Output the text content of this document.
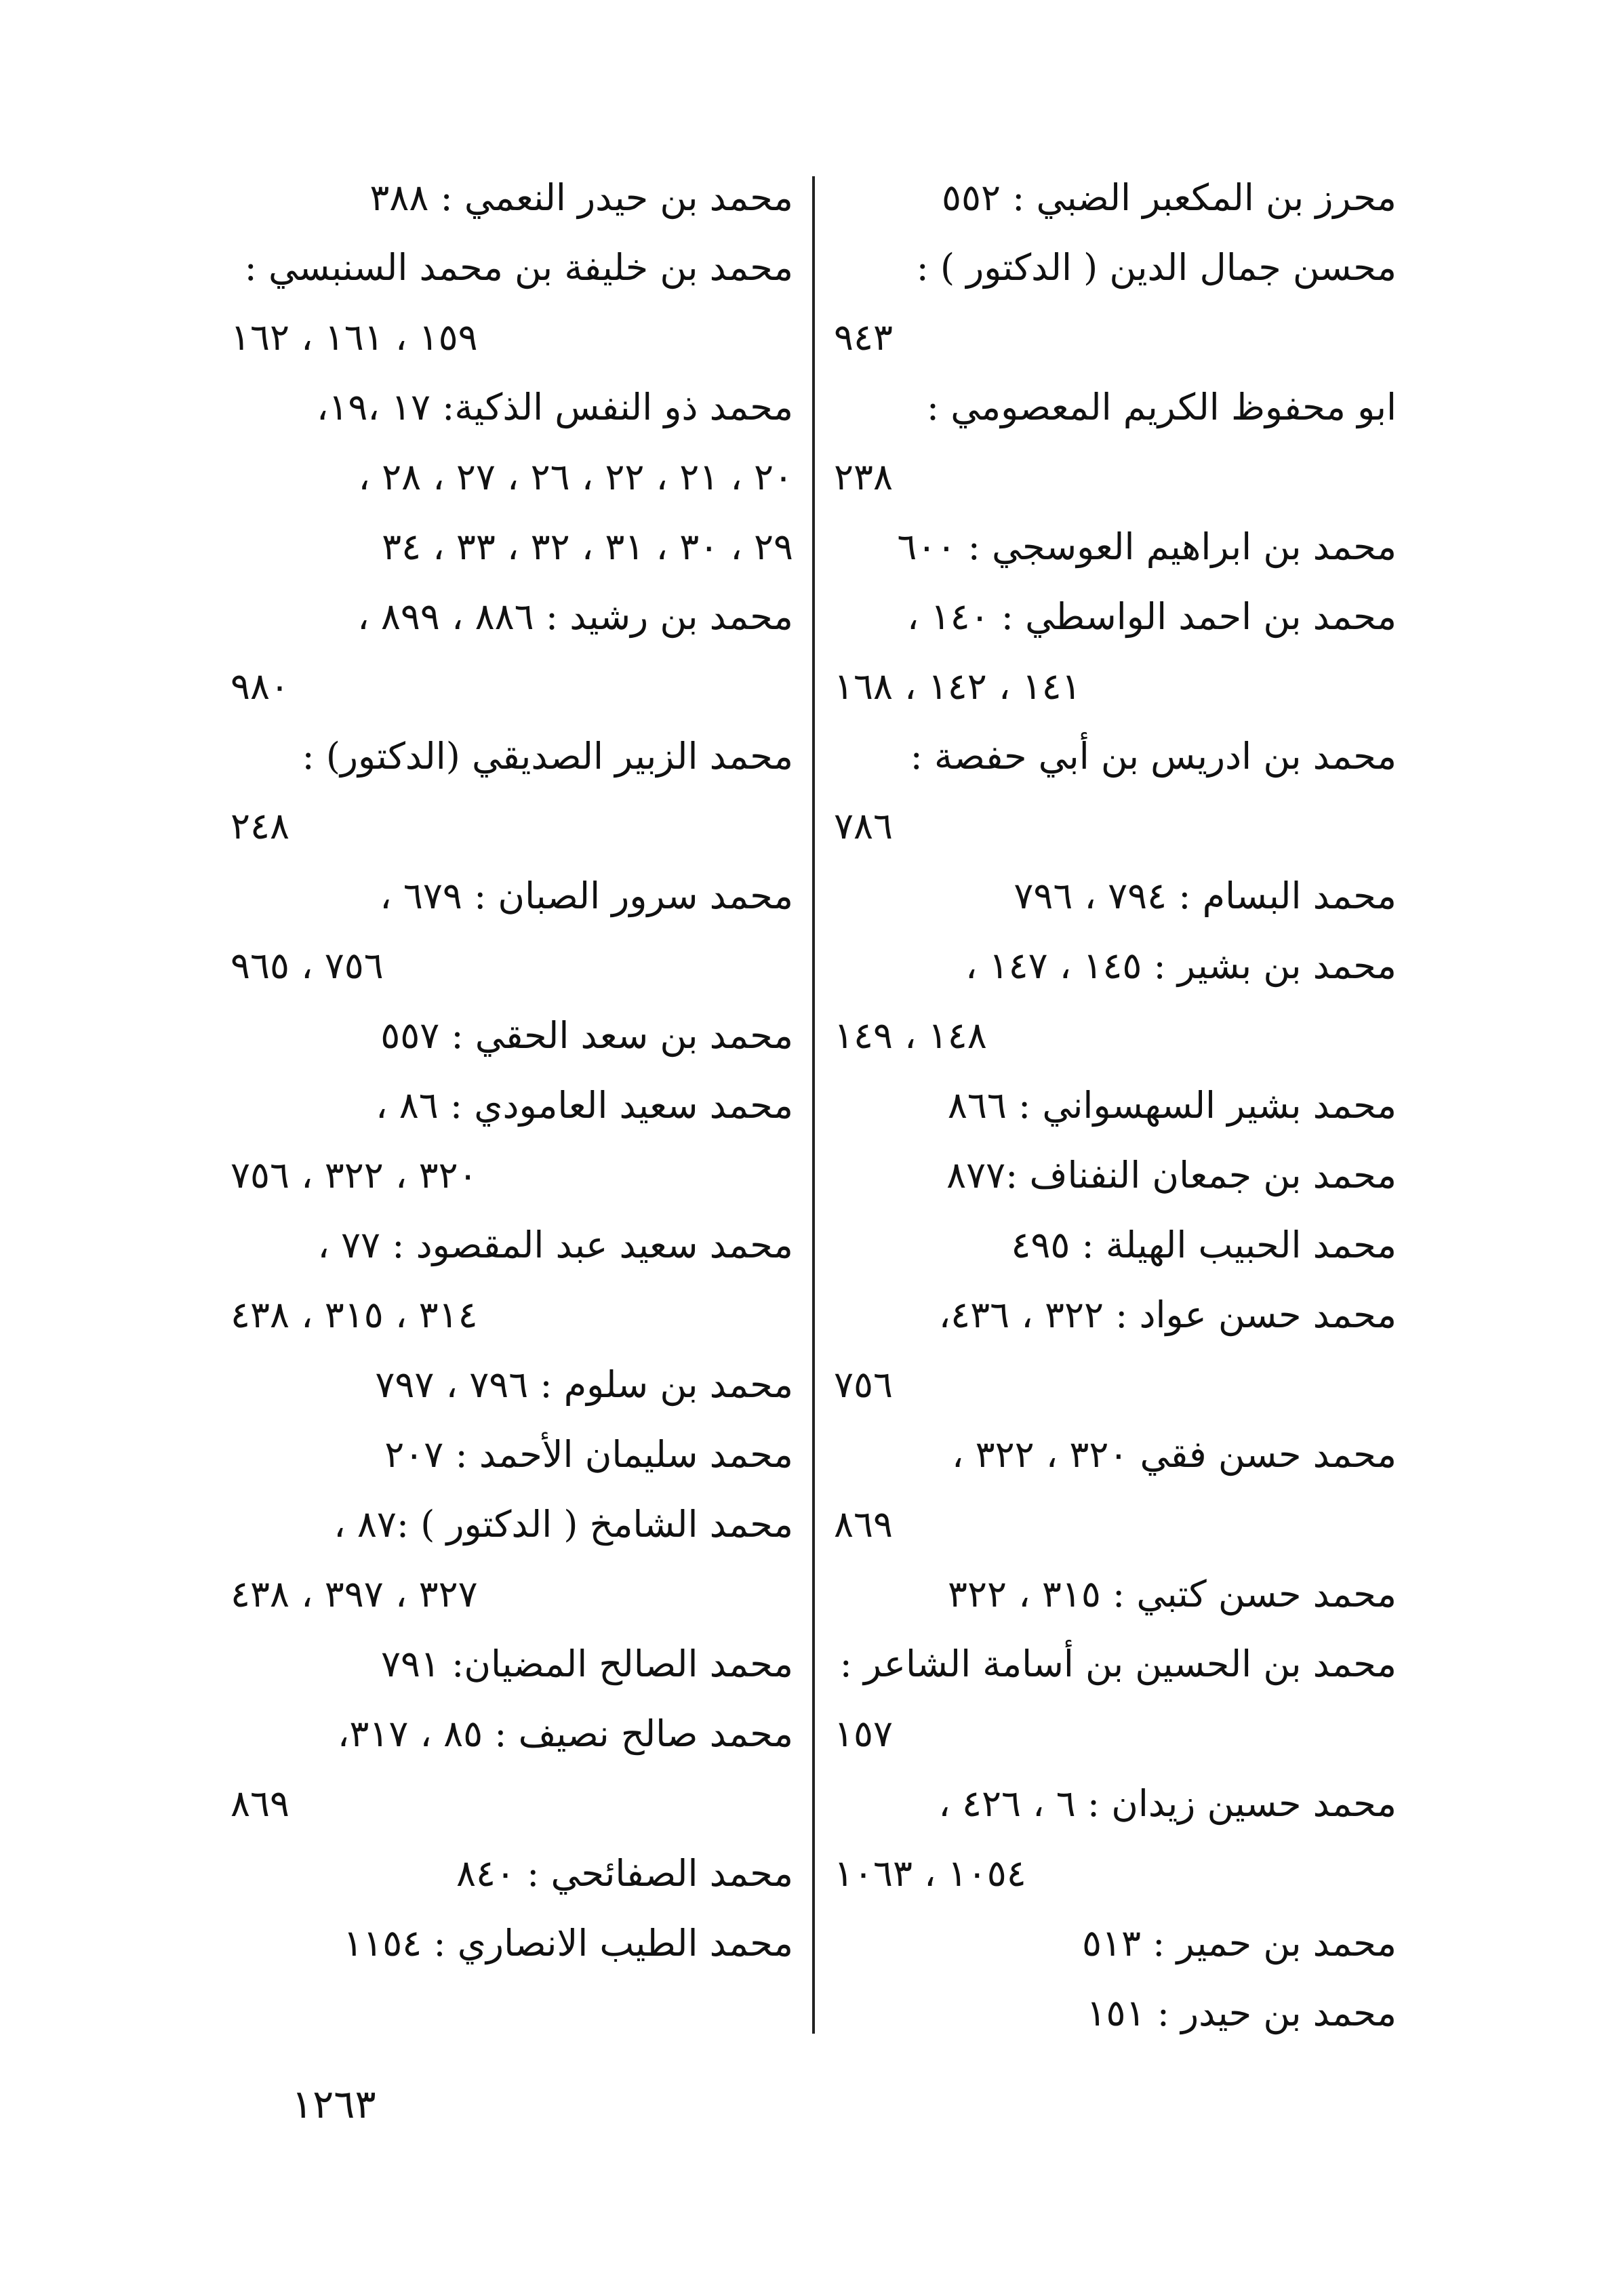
محرز بن المكعبر الضبي : ٥٥٢
محسن جمال الدين ( الدكتور ) :
٩٤٣
ابو محفوظ الكريم المعصومي :
٢٣٨
محمد بن ابراهيم العوسجي : ٦٠٠
محمد بن احمد الواسطي : ١٤٠ ،
١٤١ ، ١٤٢ ، ١٦٨
محمد بن ادريس بن أبي حفصة :
٧٨٦
محمد البسام : ٧٩٤ ، ٧٩٦
محمد بن بشير : ١٤٥ ، ١٤٧ ،
١٤٨ ، ١٤٩
محمد بشير السهسواني : ٨٦٦
محمد بن جمعان النفناف :٨٧٧
محمد الحبيب الهيلة : ٤٩٥
محمد حسن عواد : ٣٢٢ ، ٤٣٦،
٧٥٦
محمد حسن فقي ٣٢٠ ، ٣٢٢ ،
٨٦٩
محمد حسن كتبي : ٣١٥ ، ٣٢٢
محمد بن الحسين بن أسامة الشاعر :
١٥٧
محمد حسين زيدان : ٦ ، ٤٢٦ ،
١٠٥٤ ، ١٠٦٣
محمد بن حمير : ٥١٣
محمد بن حيدر : ١٥١
محمد بن حيدر النعمي : ٣٨٨
محمد بن خليفة بن محمد السنبسي :
١٥٩ ، ١٦١ ، ١٦٢
محمد ذو النفس الذكية: ١٧ ،١٩،
٢٠ ، ٢١ ، ٢٢ ، ٢٦ ، ٢٧ ، ٢٨ ،
٢٩ ، ٣٠ ، ٣١ ، ٣٢ ، ٣٣ ، ٣٤
محمد بن رشيد : ٨٨٦ ، ٨٩٩ ،
٩٨٠
محمد الزبير الصديقي (الدكتور) :
٢٤٨
محمد سرور الصبان : ٦٧٩ ،
٧٥٦ ، ٩٦٥
محمد بن سعد الحقي : ٥٥٧
محمد سعيد العامودي : ٨٦ ،
٣٢٠ ، ٣٢٢ ، ٧٥٦
محمد سعيد عبد المقصود : ٧٧ ،
٣١٤ ، ٣١٥ ، ٤٣٨
محمد بن سلوم : ٧٩٦ ، ٧٩٧
محمد سليمان الأحمد : ٢٠٧
محمد الشامخ ( الدكتور ) :٨٧ ،
٣٢٧ ، ٣٩٧ ، ٤٣٨
محمد الصالح المضيان: ٧٩١
محمد صالح نصيف : ٨٥ ، ٣١٧،
٨٦٩
محمد الصفائحي : ٨٤٠
محمد الطيب الانصاري : ١١٥٤
١٢٦٣
